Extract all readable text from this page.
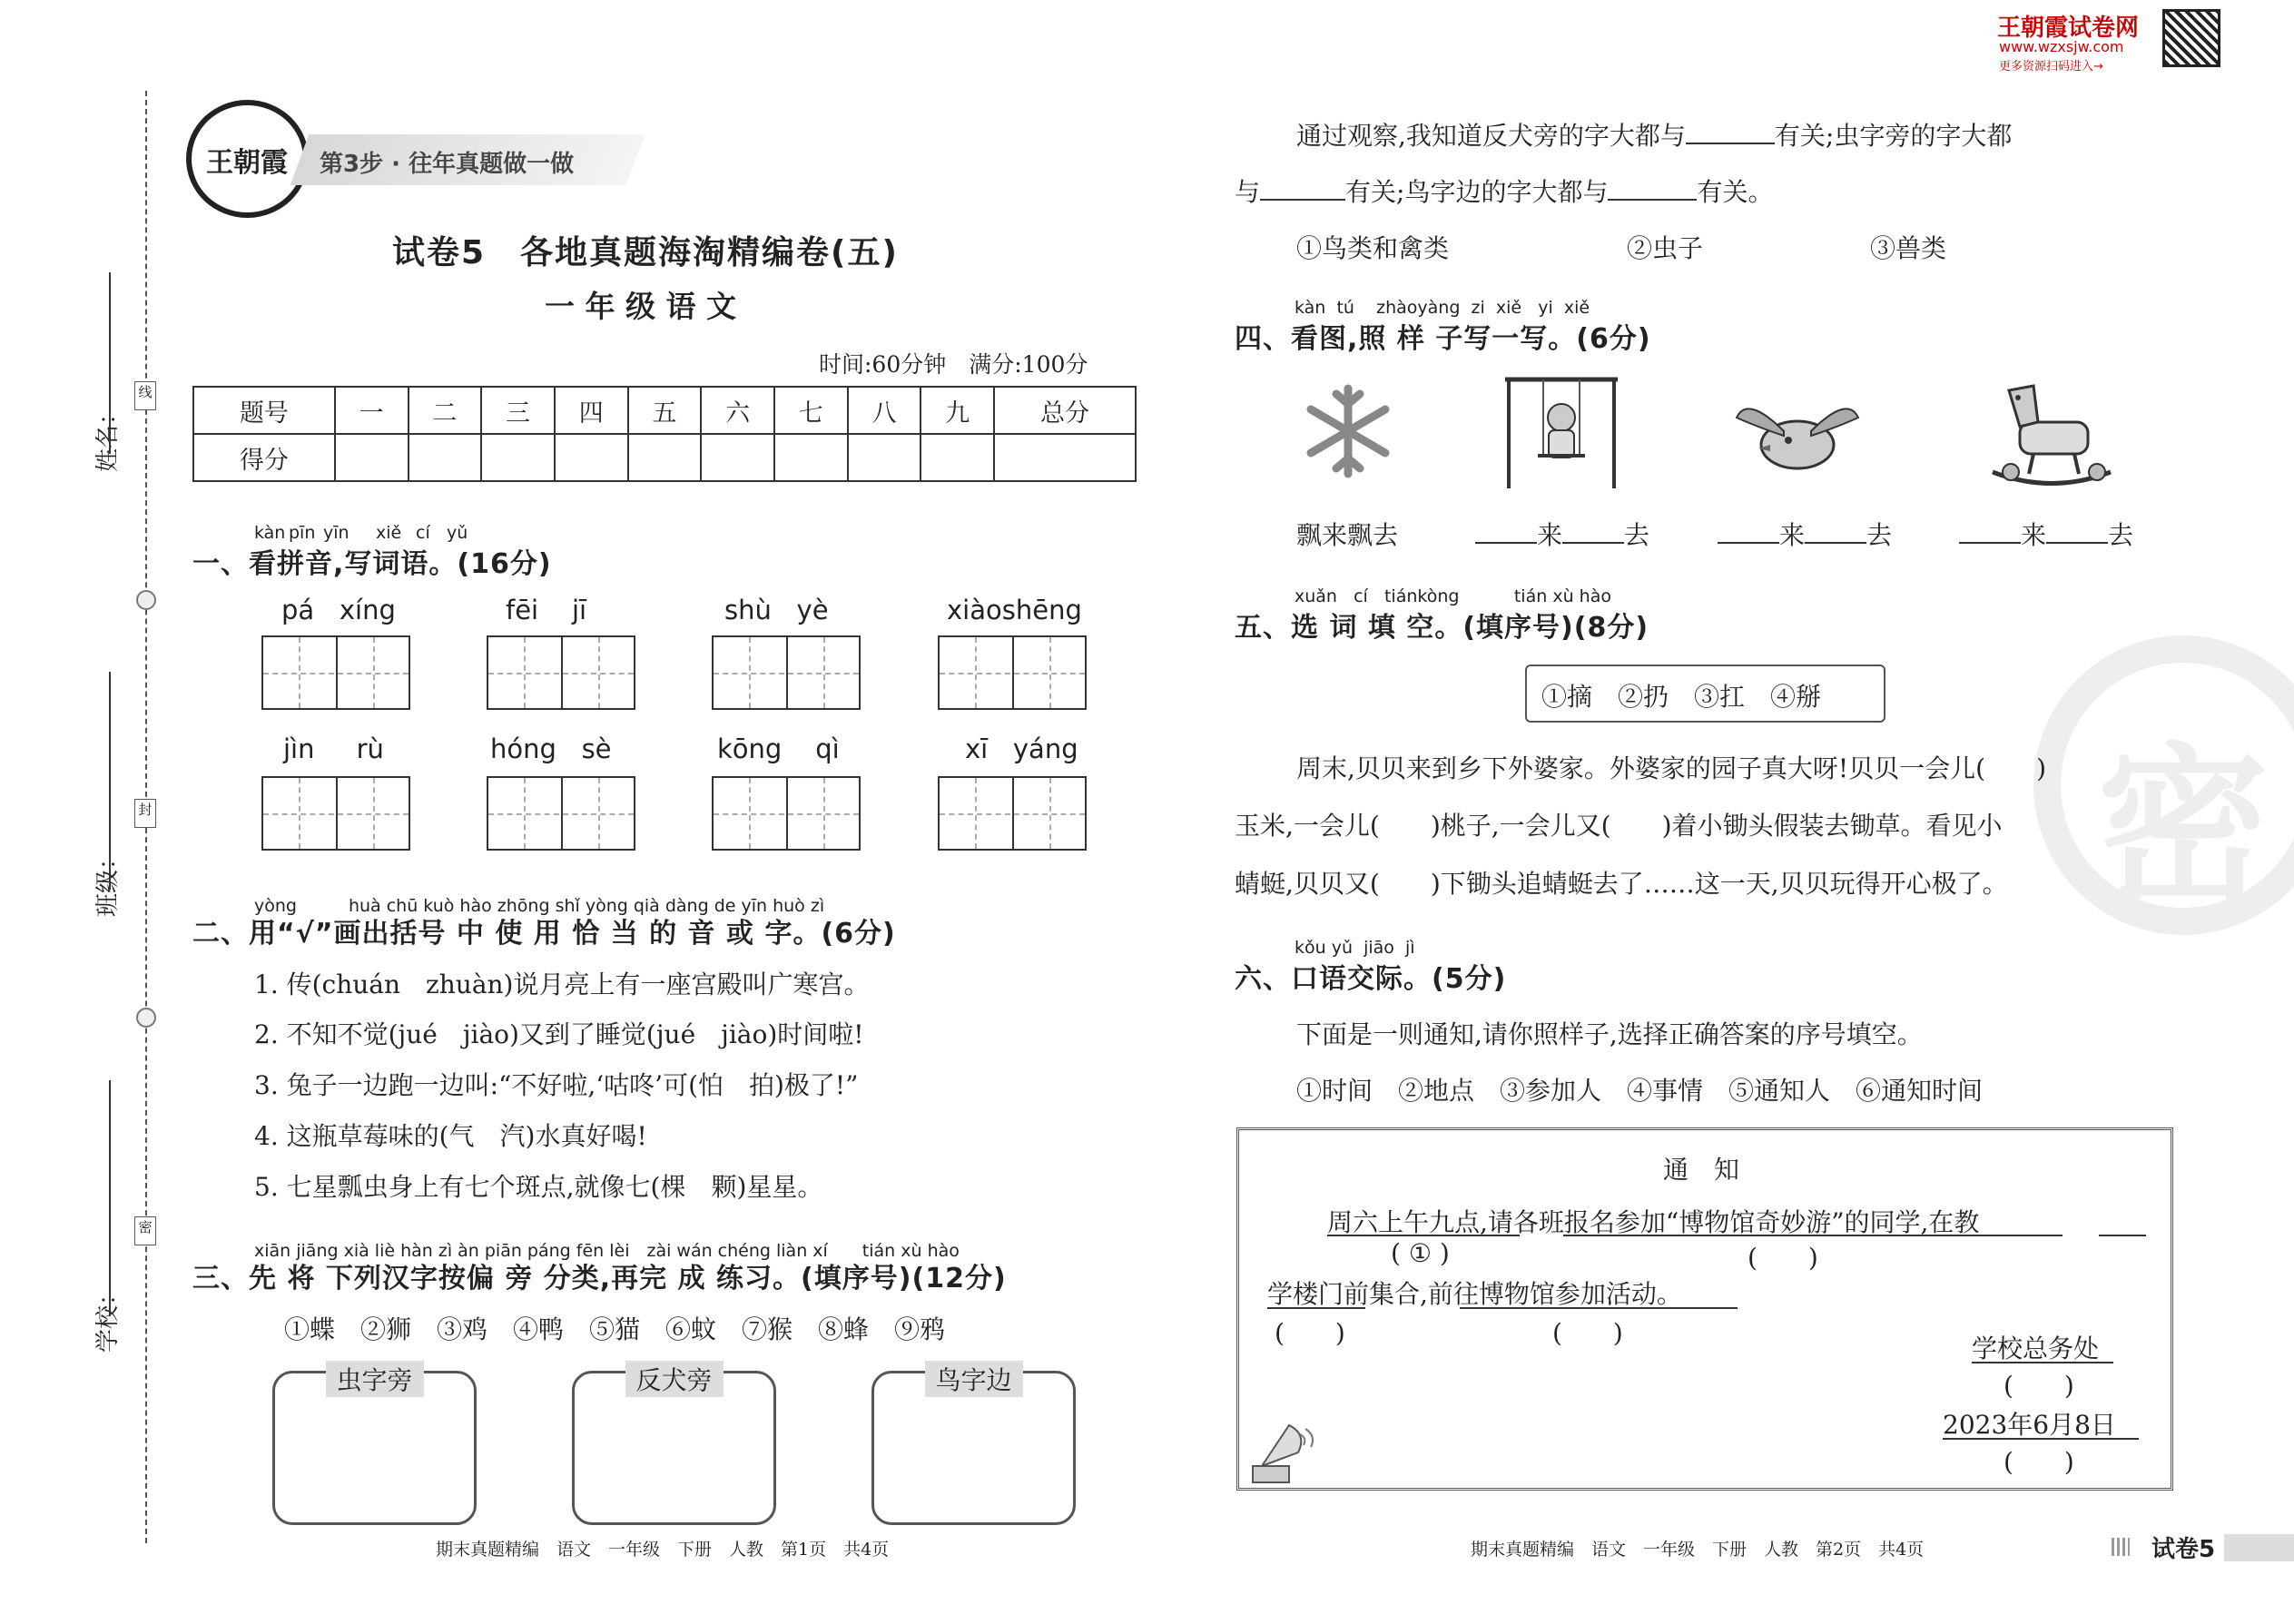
姓名：
班级：
学校：
线
封
密
王朝霞 第3步 · 往年真题做一做
王朝霞试卷网
www.wzxsjw.com
更多资源扫码进入→
试卷5　各地真题海淘精编卷(五)
一 年 级 语 文
时间:60分钟　满分:100分
题号	一	二	三	四	五	六	七	八	九	总分
得分										
kàn pīn yīn xiě cí yǔ
一、看拼音,写词语。(16分)
pá xíng	fēi jī	shù yè	xiàoshēng
jìn rù	hóng sè	kōng qì	xī yáng
yòng　　　huà chū kuò hào zhōng shǐ yòng qià dàng de yīn huò zì
二、用“√”画出括号 中 使 用 恰 当 的 音 或 字。(6分)
1. 传(chuán　zhuàn)说月亮上有一座宫殿叫广寒宫。
2. 不知不觉(jué　jiào)又到了睡觉(jué　jiào)时间啦!
3. 兔子一边跑一边叫:“不好啦,‘咕咚’可(怕　拍)极了!”
4. 这瓶草莓味的(气　汽)水真好喝!
5. 七星瓢虫身上有七个斑点,就像七(棵　颗)星星。
xiān jiāng xià liè hàn zì àn piān páng fēn lèi　zài wán chéng liàn xí　　tián xù hào
三、先 将 下列汉字按偏 旁 分类,再完 成 练习。(填序号)(12分)
①蝶　②狮　③鸡　④鸭　⑤猫　⑥蚊　⑦猴　⑧蜂　⑨鸦
虫字旁	反犬旁	鸟字边
期末真题精编　语文　一年级　下册　人教　第1页　共4页
密
通过观察,我知道反犬旁的字大都与	有关;虫字旁的字大都
与	有关;鸟字边的字大都与	有关。
①鸟类和禽类	②虫子	③兽类
kàn tú zhàoyàng zi xiě yi xiě
四、看图,照 样 子写一写。(6分)
飘来飘去	来 去	来 去	来 去
xuǎn cí tiánkòng	tián xù hào
五、选 词 填 空。(填序号)(8分)
①摘　②扔　③扛　④掰
周末,贝贝来到乡下外婆家。外婆家的园子真大呀!贝贝一会儿(　　)
玉米,一会儿(　　)桃子,一会儿又(　　)着小锄头假装去锄草。看见小
蜻蜓,贝贝又(　　)下锄头追蜻蜓去了……这一天,贝贝玩得开心极了。
kǒu yǔ jiāo jì
六、口语交际。(5分)
下面是一则通知,请你照样子,选择正确答案的序号填空。
①时间　②地点　③参加人　④事情　⑤通知人　⑥通知时间
通　知
周六上午九点,请各班报名参加“博物馆奇妙游”的同学,在教
( ① )	(　　)
学楼门前集合,前往博物馆参加活动。
(　　)	(　　)
学校总务处
(　　)
2023年6月8日
(　　)
期末真题精编　语文　一年级　下册　人教　第2页　共4页	试卷5
